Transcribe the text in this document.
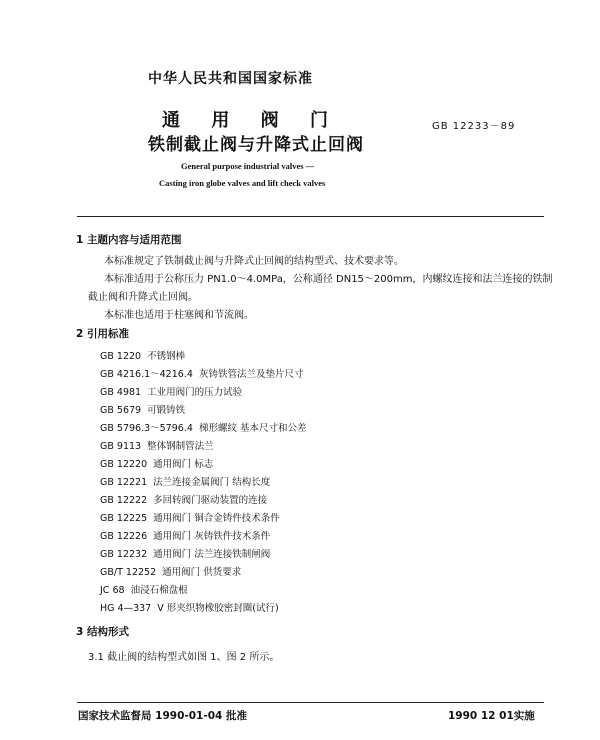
中华人民共和国国家标准
通 用 阀 门
铁制截止阀与升降式止回阀
GB 12233－89
General purpose industrial valves —
Casting iron globe valves and lift check valves
1 主题内容与适用范围
本标准规定了铁制截止阀与升降式止回阀的结构型式、技术要求等。
本标准适用于公称压力 PN1.0～4.0MPa，公称通径 DN15～200mm，内螺纹连接和法兰连接的铁制
截止阀和升降式止回阀。
本标准也适用于柱塞阀和节流阀。
2 引用标准
GB 1220 不锈钢棒
GB 4216.1～4216.4 灰铸铁管法兰及垫片尺寸
GB 4981 工业用阀门的压力试验
GB 5679 可锻铸铁
GB 5796.3～5796.4 梯形螺纹 基本尺寸和公差
GB 9113 整体钢制管法兰
GB 12220 通用阀门 标志
GB 12221 法兰连接金属阀门 结构长度
GB 12222 多回转阀门驱动装置的连接
GB 12225 通用阀门 铜合金铸件技术条件
GB 12226 通用阀门 灰铸铁件技术条件
GB 12232 通用阀门 法兰连接铁制闸阀
GB/T 12252 通用阀门 供货要求
JC 68 油浸石棉盘根
HG 4—337 V 形夹织物橡胶密封圈(试行)
3 结构形式
3.1 截止阀的结构型式如图 1、图 2 所示。
国家技术监督局 1990-01-04 批准	1990 12 01实施
